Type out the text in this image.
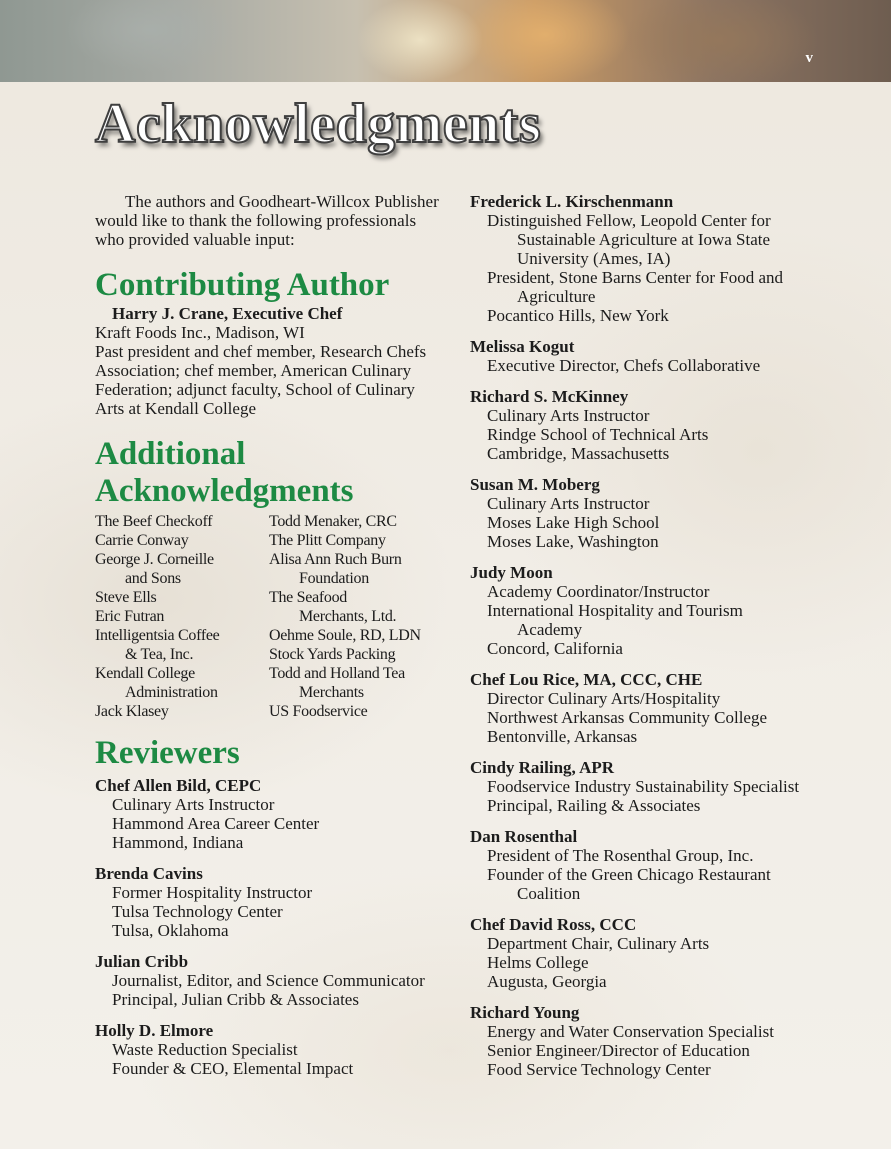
v
Acknowledgments

The authors and Goodheart-Willcox Publisher would like to thank the following professionals who provided valuable input:

Contributing Author

Harry J. Crane, Executive Chef

Kraft Foods Inc., Madison, WI

Past president and chef member, Research Chefs Association; chef member, American Culinary Federation; adjunct faculty, School of Culinary Arts at Kendall College

Additional
Acknowledgments
The Beef Checkoff
Carrie Conway
George J. Corneille
and Sons
Steve Ells
Eric Futran
Intelligentsia Coffee
& Tea, Inc.
Kendall College
Administration
Jack Klasey
Todd Menaker, CRC
The Plitt Company
Alisa Ann Ruch Burn
Foundation
The Seafood
Merchants, Ltd.
Oehme Soule, RD, LDN
Stock Yards Packing
Todd and Holland Tea
Merchants
US Foodservice
Reviewers

Chef Allen Bild, CEPC

Culinary Arts Instructor

Hammond Area Career Center

Hammond, Indiana

Brenda Cavins

Former Hospitality Instructor

Tulsa Technology Center

Tulsa, Oklahoma

Julian Cribb

Journalist, Editor, and Science Communicator

Principal, Julian Cribb & Associates

Holly D. Elmore

Waste Reduction Specialist

Founder & CEO, Elemental Impact

Frederick L. Kirschenmann

Distinguished Fellow, Leopold Center for

Sustainable Agriculture at Iowa State

University (Ames, IA)

President, Stone Barns Center for Food and

Agriculture

Pocantico Hills, New York

Melissa Kogut

Executive Director, Chefs Collaborative

Richard S. McKinney

Culinary Arts Instructor

Rindge School of Technical Arts

Cambridge, Massachusetts

Susan M. Moberg

Culinary Arts Instructor

Moses Lake High School

Moses Lake, Washington

Judy Moon

Academy Coordinator/Instructor

International Hospitality and Tourism

Academy

Concord, California

Chef Lou Rice, MA, CCC, CHE

Director Culinary Arts/Hospitality

Northwest Arkansas Community College

Bentonville, Arkansas

Cindy Railing, APR

Foodservice Industry Sustainability Specialist

Principal, Railing & Associates

Dan Rosenthal

President of The Rosenthal Group, Inc.

Founder of the Green Chicago Restaurant

Coalition

Chef David Ross, CCC

Department Chair, Culinary Arts

Helms College

Augusta, Georgia

Richard Young

Energy and Water Conservation Specialist

Senior Engineer/Director of Education

Food Service Technology Center
